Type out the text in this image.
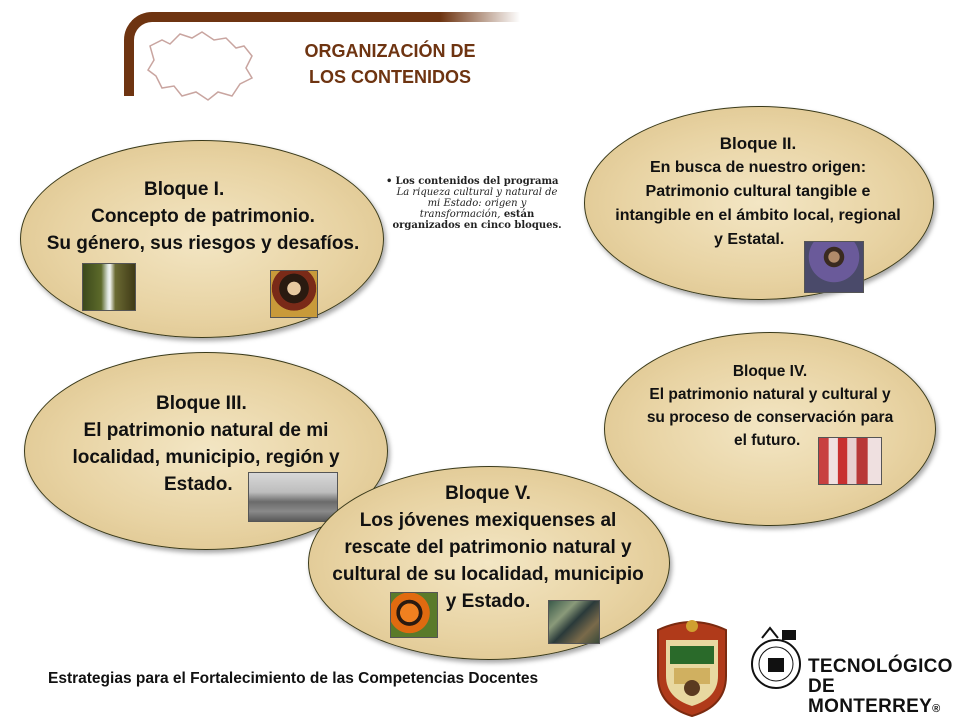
ORGANIZACIÓN DE
LOS CONTENIDOS
• Los contenidos del programa La riqueza cultural y natural de mi Estado: origen y transformación, están organizados en cinco bloques.
Bloque I.
Concepto de patrimonio.
Su género, sus riesgos y desafíos.
Bloque II.
En busca de nuestro origen:
Patrimonio cultural tangible e
intangible en el ámbito local, regional
y Estatal.
Bloque III.
El patrimonio natural de mi
localidad, municipio, región y
Estado.
Bloque IV.
El patrimonio natural y cultural y
su proceso de conservación para
el futuro.
Bloque V.
Los jóvenes mexiquenses al
rescate del patrimonio natural y
cultural de su localidad, municipio
y Estado.
Estrategias para el Fortalecimiento de las Competencias Docentes
TECNOLÓGICO
DE MONTERREY®
